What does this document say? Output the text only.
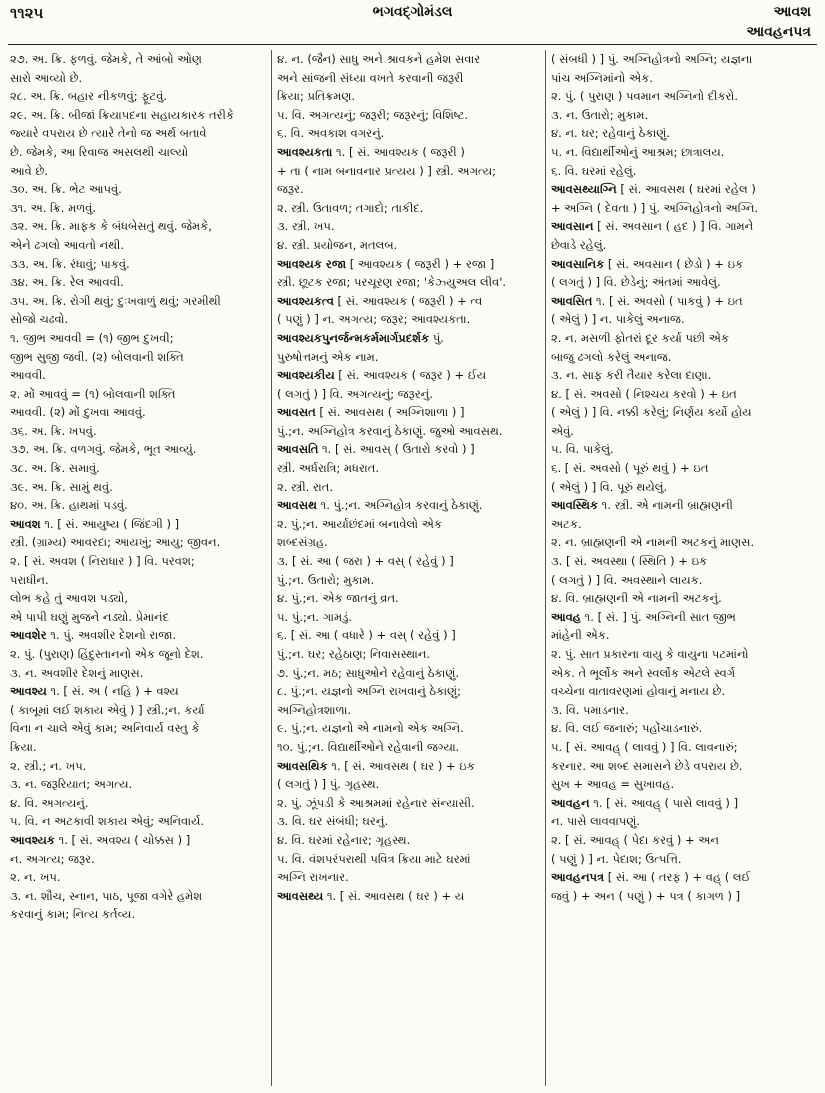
૧૧૨૫	ભગવદ્ગોમંડલ	આવશ
આવહનપત્ર
૨૭. અ. ક્રિ. ફળવું. જેમકે, તે આંબો ઓણ
સારો આવ્યો છે.
૨૮. અ. ક્રિ. બહાર નીકળવું; ફૂટવું.
૨૯. અ. ક્રિ. બીજાં ક્રિયાપદના સહાયકારક તરીકે
જ્યારે વપરાય છે ત્યારે તેનો જ અર્થ બતાવે
છે. જેમકે, આ રિવાજ અસલથી ચાલ્યો
આવે છે.
૩૦. અ. ક્રિ. ભેટ આપવું.
૩૧. અ. ક્રિ. મળવું.
૩૨. અ. ક્રિ. માફક કે બંધબેસતું થવું. જેમકે,
એને ઢગલો આવતો નથી.
૩૩. અ. ક્રિ. રંધાવું; પાકવું.
૩૪. અ. ક્રિ. રેલ આવવી.
૩૫. અ. ક્રિ. રોગી થવું; દુઃખવાળું થવું; ગરમીથી
સોજો ચઢવો.
૧. જીભ આવવી = (૧) જીભ દુખવી;
જીભ સુજી જવી. (૨) બોલવાની શક્તિ
આવવી.
૨. મોં આવવું = (૧) બોલવાની શક્તિ
આવવી. (૨) મોં દુખવા આવવું.
૩૬. અ. ક્રિ. ખપવું.
૩૭. અ. ક્રિ. વળગવું. જેમકે, ભૂત આવ્યું.
૩૮. અ. ક્રિ. સમાવું.
૩૯. અ. ક્રિ. સામું થવું.
૪૦. અ. ક્રિ. હાથમાં પડવું.
આવશ ૧. [ સં. આયુષ્ય ( જિંદગી ) ]
સ્ત્રી. (ગ્રામ્ય) આવરદા; આયખું; આયુ; જીવન.
૨. [ સં. અવશ ( નિરાધાર ) ] વિ. પરવશ;
પરાધીન.
લોભ કહે તું આવશ પડ્યો,
એ પાપી ઘણું મુજને નડ્યો. પ્રેમાનંદ
આવશેર ૧. પું. અવશીર દેશનો રાજા.
૨. પું. (પુરાણ) હિંદુસ્તાનનો એક જૂનો દેશ.
૩. ન. અવશીર દેશનું માણસ.
આવશ્ય ૧. [ સં. અ ( નહિ ) + વશ્ય
( કાબૂમાં લઈ શકાય એવું ) ] સ્ત્રી.;ન. કર્યા
વિના ન ચાલે એવું કામ; અનિવાર્ય વસ્તુ કે
ક્રિયા.
૨. સ્ત્રી.; ન. ખપ.
૩. ન. જરૂરિયાત; અગત્ય.
૪. વિ. અગત્યનું.
૫. વિ. ન અટકાવી શકાય એવું; અનિવાર્ય.
આવશ્યક ૧. [ સં. અવશ્ય ( ચોક્કસ ) ]
ન. અગત્ય; જરૂર.
૨. ન. ખપ.
૩. ન. શૌચ, સ્નાન, પાઠ, પૂજા વગેરે હમેશ
કરવાનું કામ; નિત્ય કર્તવ્ય.
૪. ન. (જૈન) સાધુ અને શ્રાવકને હમેશ સવાર
અને સાંજની સંધ્યા વખતે કરવાની જરૂરી
ક્રિયા; પ્રતિક્રમણ.
૫. વિ. અગત્યનું; જરૂરી; જરૂરનું; વિશિષ્ટ.
૬. વિ. અવકાશ વગરનું.
આવશ્યકતા ૧. [ સં. આવશ્યક ( જરૂરી )
+ તા ( નામ બનાવનાર પ્રત્યય ) ] સ્ત્રી. અગત્ય;
જરૂર.
૨. સ્ત્રી. ઉતાવળ; તગાદો; તાકીદ.
૩. સ્ત્રી. ખપ.
૪. સ્ત્રી. પ્રયોજન, મતલબ.
આવશ્યક રજા [ આવશ્યક ( જરૂરી ) + રજા ]
સ્ત્રી. છૂટક રજા; પરચૂરણ રજા; 'કેઝ્યુઅલ લીવ'.
આવશ્યકત્વ [ સં. આવશ્યક ( જરૂરી ) + ત્વ
( પણું ) ] ન. અગત્ય; જરૂર; આવશ્યકતા.
આવશ્યકપુનર્જન્મકર્મમાર્ગપ્રદર્શક પું.
પુરુષોત્તમનું એક નામ.
આવશ્યકીય [ સં. આવશ્યક ( જરૂર ) + ઈય
( લગતું ) ] વિ. અગત્યનું; જરૂરનું.
આવસત [ સં. આવસથ ( અગ્નિશાળા ) ]
પું.;ન. અગ્નિહોત્ર કરવાનું ઠેકાણું. જુઓ આવસથ.
આવસતિ ૧. [ સં. આવસ્ ( ઉતારો કરવો ) ]
સ્ત્રી. અર્ધરાત્રિ; મધરાત.
૨. સ્ત્રી. રાત.
આવસથ ૧. પું.;ન. અગ્નિહોત્ર કરવાનું ઠેકાણું.
૨. પું.;ન. આર્યાછંદમાં બનાવેલો એક
શબ્દસંગ્રહ.
૩. [ સં. આ ( જરા ) + વસ્ ( રહેવું ) ]
પું.;ન. ઉતારો; મુકામ.
૪. પું.;ન. એક જાતનું વ્રત.
૫. પું.;ન. ગામડું.
૬. [ સં. આ ( વધારે ) + વસ્ ( રહેવું ) ]
પું.;ન. ઘર; રહેઠાણ; નિવાસસ્થાન.
૭. પું.;ન. મઠ; સાધુઓને રહેવાનું ઠેકાણું.
૮. પું.;ન. યજ્ઞનો અગ્નિ રાખવાનું ઠેકાણું;
અગ્નિહોત્રશાળા.
૯. પું.;ન. યજ્ઞનો એ નામનો એક અગ્નિ.
૧૦. પું.;ન. વિદ્યાર્થીઓને રહેવાની જગ્યા.
આવસથિક ૧. [ સં. આવસથ ( ઘર ) + ઇક
( લગતું ) ] પું. ગૃહસ્થ.
૨. પું. ઝૂંપડી કે આશ્રમમાં રહેનાર સંન્યાસી.
૩. વિ. ઘર સંબંધી; ઘરનું.
૪. વિ. ઘરમાં રહેનાર; ગૃહસ્થ.
૫. વિ. વંશપરંપરાથી પવિત્ર ક્રિયા માટે ઘરમાં
અગ્નિ રાખનાર.
આવસથ્ય ૧. [ સં. આવસથ ( ઘર ) + ય
( સંબધી ) ] પું. અગ્નિહોત્રનો અગ્નિ; યજ્ઞના
પાંચ અગ્નિમાંનો એક.
૨. પું. ( પુરાણ ) પવમાન અગ્નિનો દીકરો.
૩. ન. ઉતારો; મુકામ.
૪. ન. ઘર; રહેવાનું ઠેકાણું.
૫. ન. વિદ્યાર્થીઓનું આશ્રમ; છાત્રાલય.
૬. વિ. ઘરમાં રહેલું.
આવસથ્યાગ્નિ [ સં. આવસથ ( ઘરમાં રહેલ )
+ અગ્નિ ( દેવતા ) ] પું. અગ્નિહોત્રનો અગ્નિ.
આવસાન [ સં. અવસાન ( હદ ) ] વિ. ગામને
છેવાડે રહેલું.
આવસાનિક [ સં. અવસાન ( છેડો ) + ઇક
( લગતું ) ] વિ. છેડેનું; અંતમાં આવેલું.
આવસિત ૧. [ સં. અવસો ( પાકવું ) + ઇત
( એલું ) ] ન. પાકેલું અનાજ.
૨. ન. મસળી ફોતરાં દૂર કર્યા પછી એક
બાજુ ઢગલો કરેલું અનાજ.
૩. ન. સાફ કરી તૈયાર કરેલા દાણા.
૪. [ સં. અવસો ( નિશ્ચય કરવો ) + ઇત
( એલું ) ] વિ. નક્કી કરેલું; નિર્ણય કર્યો હોય
એવું.
૫. વિ. પાકેલું.
૬. [ સં. અવસો ( પૂરું થવું ) + ઇત
( એલું ) ] વિ. પૂરું થયેલું.
આવસ્થિક ૧. સ્ત્રી. એ નામની બ્રાહ્મણની
અટક.
૨. ન. બ્રાહ્મણની એ નામની અટકનું માણસ.
૩. [ સં. અવસ્થા ( સ્થિતિ ) + ઇક
( લગતું ) ] વિ. અવસ્થાને લાયક.
૪. વિ. બ્રાહ્મણની એ નામની અટકનું.
આવહ ૧. [ સં. ] પું. અગ્નિની સાત જીભ
માંહેની એક.
૨. પું. સાત પ્રકારના વાયુ કે વાયુના પટમાંનો
એક. તે ભૂર્લોક અને સ્વર્લોક એટલે સ્વર્ગ
વચ્ચેના વાતાવરણમાં હોવાનું મનાય છે.
૩. વિ. પમાડનાર.
૪. વિ. લઈ જનારું; પહોંચાડનારું.
૫. [ સં. આવહ્ ( લાવવું ) ] વિ. લાવનારું;
કરનાર. આ શબ્દ સમાસને છેડે વપરાય છે.
સુખ + આવહ = સુખાવહ.
આવહન ૧. [ સં. આવહ્ ( પાસે લાવવું ) ]
ન. પાસે લાવવાપણું.
૨. [ સં. આવહ્ ( પેદા કરવું ) + અન
( પણું ) ] ન. પેદાશ; ઉત્પત્તિ.
આવહનપત્ર [ સં. આ ( તરફ ) + વહ્ ( લઈ
જવું ) + અન ( પણું ) + પત્ર ( કાગળ ) ]
